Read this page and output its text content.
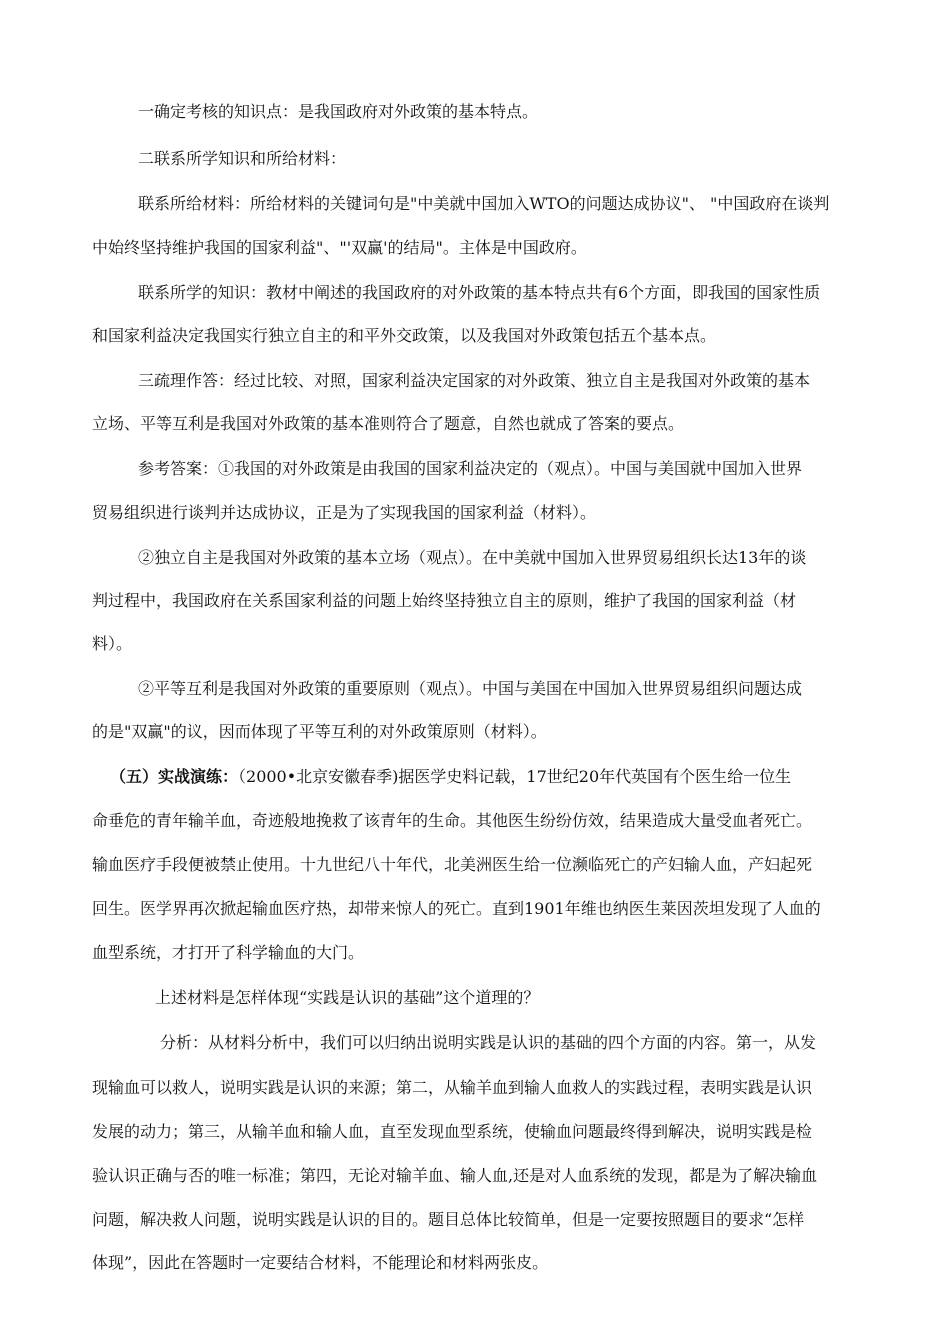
一确定考核的知识点：是我国政府对外政策的基本特点。
二联系所学知识和所给材料：
联系所给材料：所给材料的关键词句是"中美就中国加入WTO的问题达成协议"、 "中国政府在谈判
中始终坚持维护我国的国家利益"、"'双赢'的结局"。主体是中国政府。
联系所学的知识：教材中阐述的我国政府的对外政策的基本特点共有6个方面，即我国的国家性质
和国家利益决定我国实行独立自主的和平外交政策，以及我国对外政策包括五个基本点。
三疏理作答：经过比较、对照，国家利益决定国家的对外政策、独立自主是我国对外政策的基本
立场、平等互利是我国对外政策的基本准则符合了题意，自然也就成了答案的要点。
参考答案：①我国的对外政策是由我国的国家利益决定的（观点）。中国与美国就中国加入世界
贸易组织进行谈判并达成协议，正是为了实现我国的国家利益（材料）。
②独立自主是我国对外政策的基本立场（观点）。在中美就中国加入世界贸易组织长达13年的谈
判过程中，我国政府在关系国家利益的问题上始终坚持独立自主的原则，维护了我国的国家利益（材
料）。
②平等互利是我国对外政策的重要原则（观点）。中国与美国在中国加入世界贸易组织问题达成
的是"双赢"的议，因而体现了平等互利的对外政策原则（材料）。
（五）实战演练：（2000•北京安徽春季)据医学史料记载，17世纪20年代英国有个医生给一位生
命垂危的青年输羊血，奇迹般地挽救了该青年的生命。其他医生纷纷仿效，结果造成大量受血者死亡。
输血医疗手段便被禁止使用。十九世纪八十年代，北美洲医生给一位濒临死亡的产妇输人血，产妇起死
回生。医学界再次掀起输血医疗热，却带来惊人的死亡。直到1901年维也纳医生莱因茨坦发现了人血的
血型系统，才打开了科学输血的大门。
上述材料是怎样体现“实践是认识的基础”这个道理的？
分析：从材料分析中，我们可以归纳出说明实践是认识的基础的四个方面的内容。第一，从发
现输血可以救人，说明实践是认识的来源；第二，从输羊血到输人血救人的实践过程，表明实践是认识
发展的动力；第三，从输羊血和输人血，直至发现血型系统，使输血问题最终得到解决，说明实践是检
验认识正确与否的唯一标准；第四，无论对输羊血、输人血,还是对人血系统的发现，都是为了解决输血
问题，解决救人问题，说明实践是认识的目的。题目总体比较简单，但是一定要按照题目的要求“怎样
体现”，因此在答题时一定要结合材料，不能理论和材料两张皮。
